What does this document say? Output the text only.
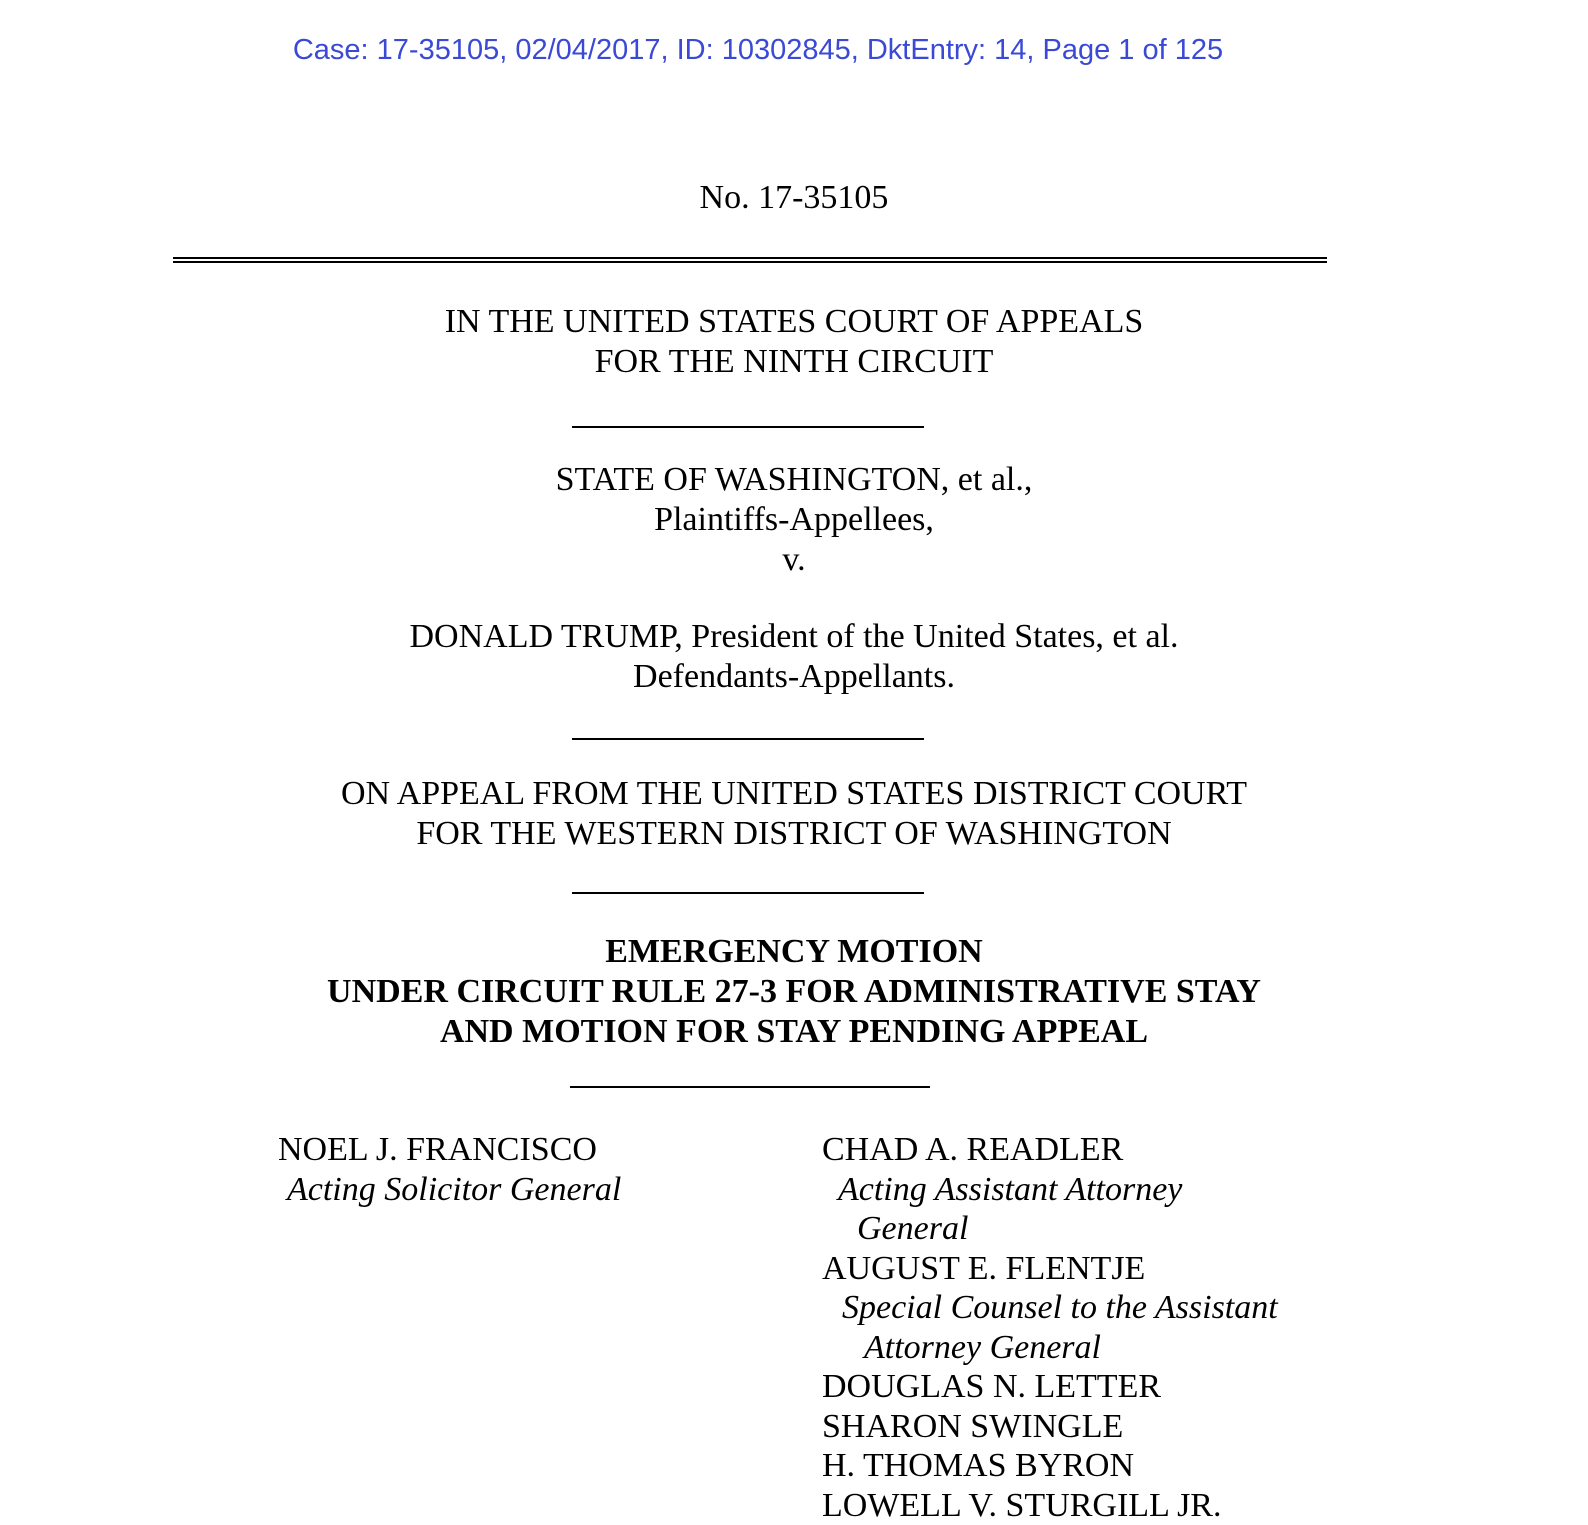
Case: 17-35105, 02/04/2017, ID: 10302845, DktEntry: 14, Page 1 of 125
No. 17-35105
IN THE UNITED STATES COURT OF APPEALS
FOR THE NINTH CIRCUIT
STATE OF WASHINGTON, et al.,
Plaintiffs-Appellees,
v.
DONALD TRUMP, President of the United States, et al.
Defendants-Appellants.
ON APPEAL FROM THE UNITED STATES DISTRICT COURT
FOR THE WESTERN DISTRICT OF WASHINGTON
EMERGENCY MOTION
UNDER CIRCUIT RULE 27-3 FOR ADMINISTRATIVE STAY
AND MOTION FOR STAY PENDING APPEAL
NOEL J. FRANCISCO
Acting Solicitor General
CHAD A. READLER
Acting Assistant Attorney
General
AUGUST E. FLENTJE
Special Counsel to the Assistant
Attorney General
DOUGLAS N. LETTER
SHARON SWINGLE
H. THOMAS BYRON
LOWELL V. STURGILL JR.
